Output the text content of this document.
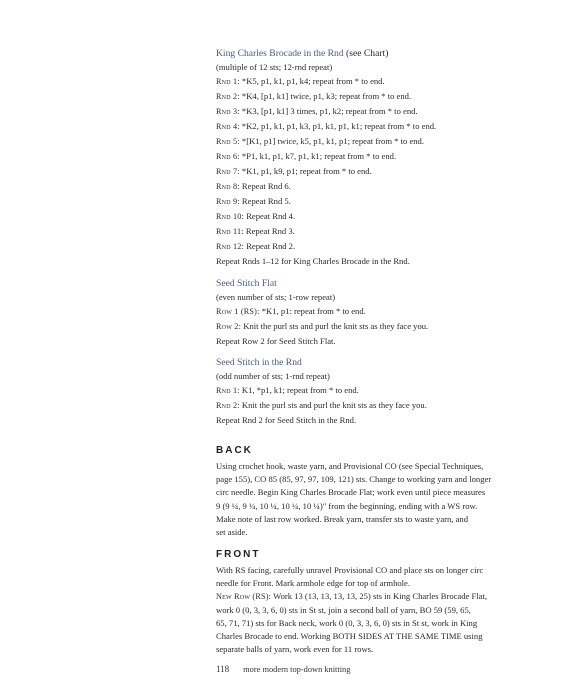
King Charles Brocade in the Rnd (see Chart)
(multiple of 12 sts; 12-rnd repeat)
Rnd 1: *K5, p1, k1, p1, k4; repeat from * to end.
Rnd 2: *K4, [p1, k1] twice, p1, k3; repeat from * to end.
Rnd 3: *K3, [p1, k1] 3 times, p1, k2; repeat from * to end.
Rnd 4: *K2, p1, k1, p1, k3, p1, k1, p1, k1; repeat from * to end.
Rnd 5: *[K1, p1] twice, k5, p1, k1, p1; repeat from * to end.
Rnd 6: *P1, k1, p1, k7, p1, k1; repeat from * to end.
Rnd 7: *K1, p1, k9, p1; repeat from * to end.
Rnd 8: Repeat Rnd 6.
Rnd 9: Repeat Rnd 5.
Rnd 10: Repeat Rnd 4.
Rnd 11: Repeat Rnd 3.
Rnd 12: Repeat Rnd 2.
Repeat Rnds 1–12 for King Charles Brocade in the Rnd.
Seed Stitch Flat
(even number of sts; 1-row repeat)
Row 1 (RS): *K1, p1: repeat from * to end.
Row 2: Knit the purl sts and purl the knit sts as they face you.
Repeat Row 2 for Seed Stitch Flat.
Seed Stitch in the Rnd
(odd number of sts; 1-rnd repeat)
Rnd 1: K1, *p1, k1; repeat from * to end.
Rnd 2: Knit the purl sts and purl the knit sts as they face you.
Repeat Rnd 2 for Seed Stitch in the Rnd.
BACK
Using crochet hook, waste yarn, and Provisional CO (see Special Techniques,
page 155), CO 85 (85, 97, 97, 109, 121) sts. Change to working yarn and longer
circ needle. Begin King Charles Brocade Flat; work even until piece measures
9 (9 ¼, 9 ¼, 10 ¼, 10 ¼, 10 ¼)" from the beginning, ending with a WS row.
Make note of last row worked. Break yarn, transfer sts to waste yarn, and
set aside.
FRONT
With RS facing, carefully unravel Provisional CO and place sts on longer circ
needle for Front. Mark armhole edge for top of armhole.
New Row (RS): Work 13 (13, 13, 13, 13, 25) sts in King Charles Brocade Flat,
work 0 (0, 3, 3, 6, 0) sts in St st, join a second ball of yarn, BO 59 (59, 65,
65, 71, 71) sts for Back neck, work 0 (0, 3, 3, 6, 0) sts in St st, work in King
Charles Brocade to end. Working BOTH SIDES AT THE SAME TIME using
separate balls of yarn, work even for 11 rows.
118 more modern top-down knitting
